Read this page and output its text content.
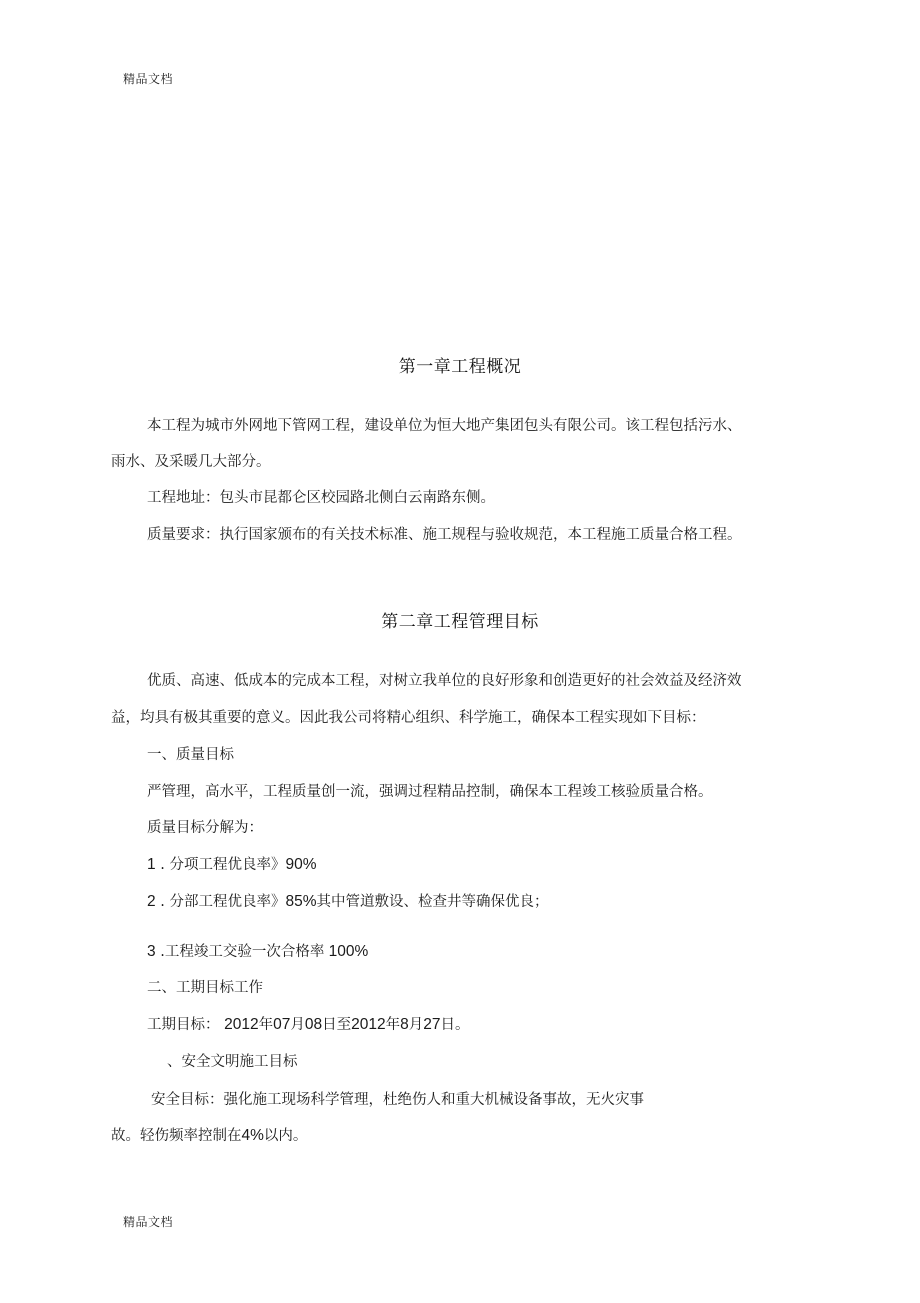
精品文档
第一章工程概况
本工程为城市外网地下管网工程，建设单位为恒大地产集团包头有限公司。该工程包括污水、
雨水、及采暖几大部分。
工程地址：包头市昆都仑区校园路北侧白云南路东侧。
质量要求：执行国家颁布的有关技术标准、施工规程与验收规范，本工程施工质量合格工程。
第二章工程管理目标
优质、高速、低成本的完成本工程，对树立我单位的良好形象和创造更好的社会效益及经济效
益，均具有极其重要的意义。因此我公司将精心组织、科学施工，确保本工程实现如下目标：
一、质量目标
严管理，高水平，工程质量创一流，强调过程精品控制，确保本工程竣工核验质量合格。
质量目标分解为：
1 . 分项工程优良率》90%
2 . 分部工程优良率》85%其中管道敷设、检查井等确保优良；
3 .工程竣工交验一次合格率 100%
二、工期目标工作
工期目标： 2012年07月08日至2012年8月27日。
、安全文明施工目标
安全目标：强化施工现场科学管理，杜绝伤人和重大机械设备事故，无火灾事
故。轻伤频率控制在4%以内。
精品文档
